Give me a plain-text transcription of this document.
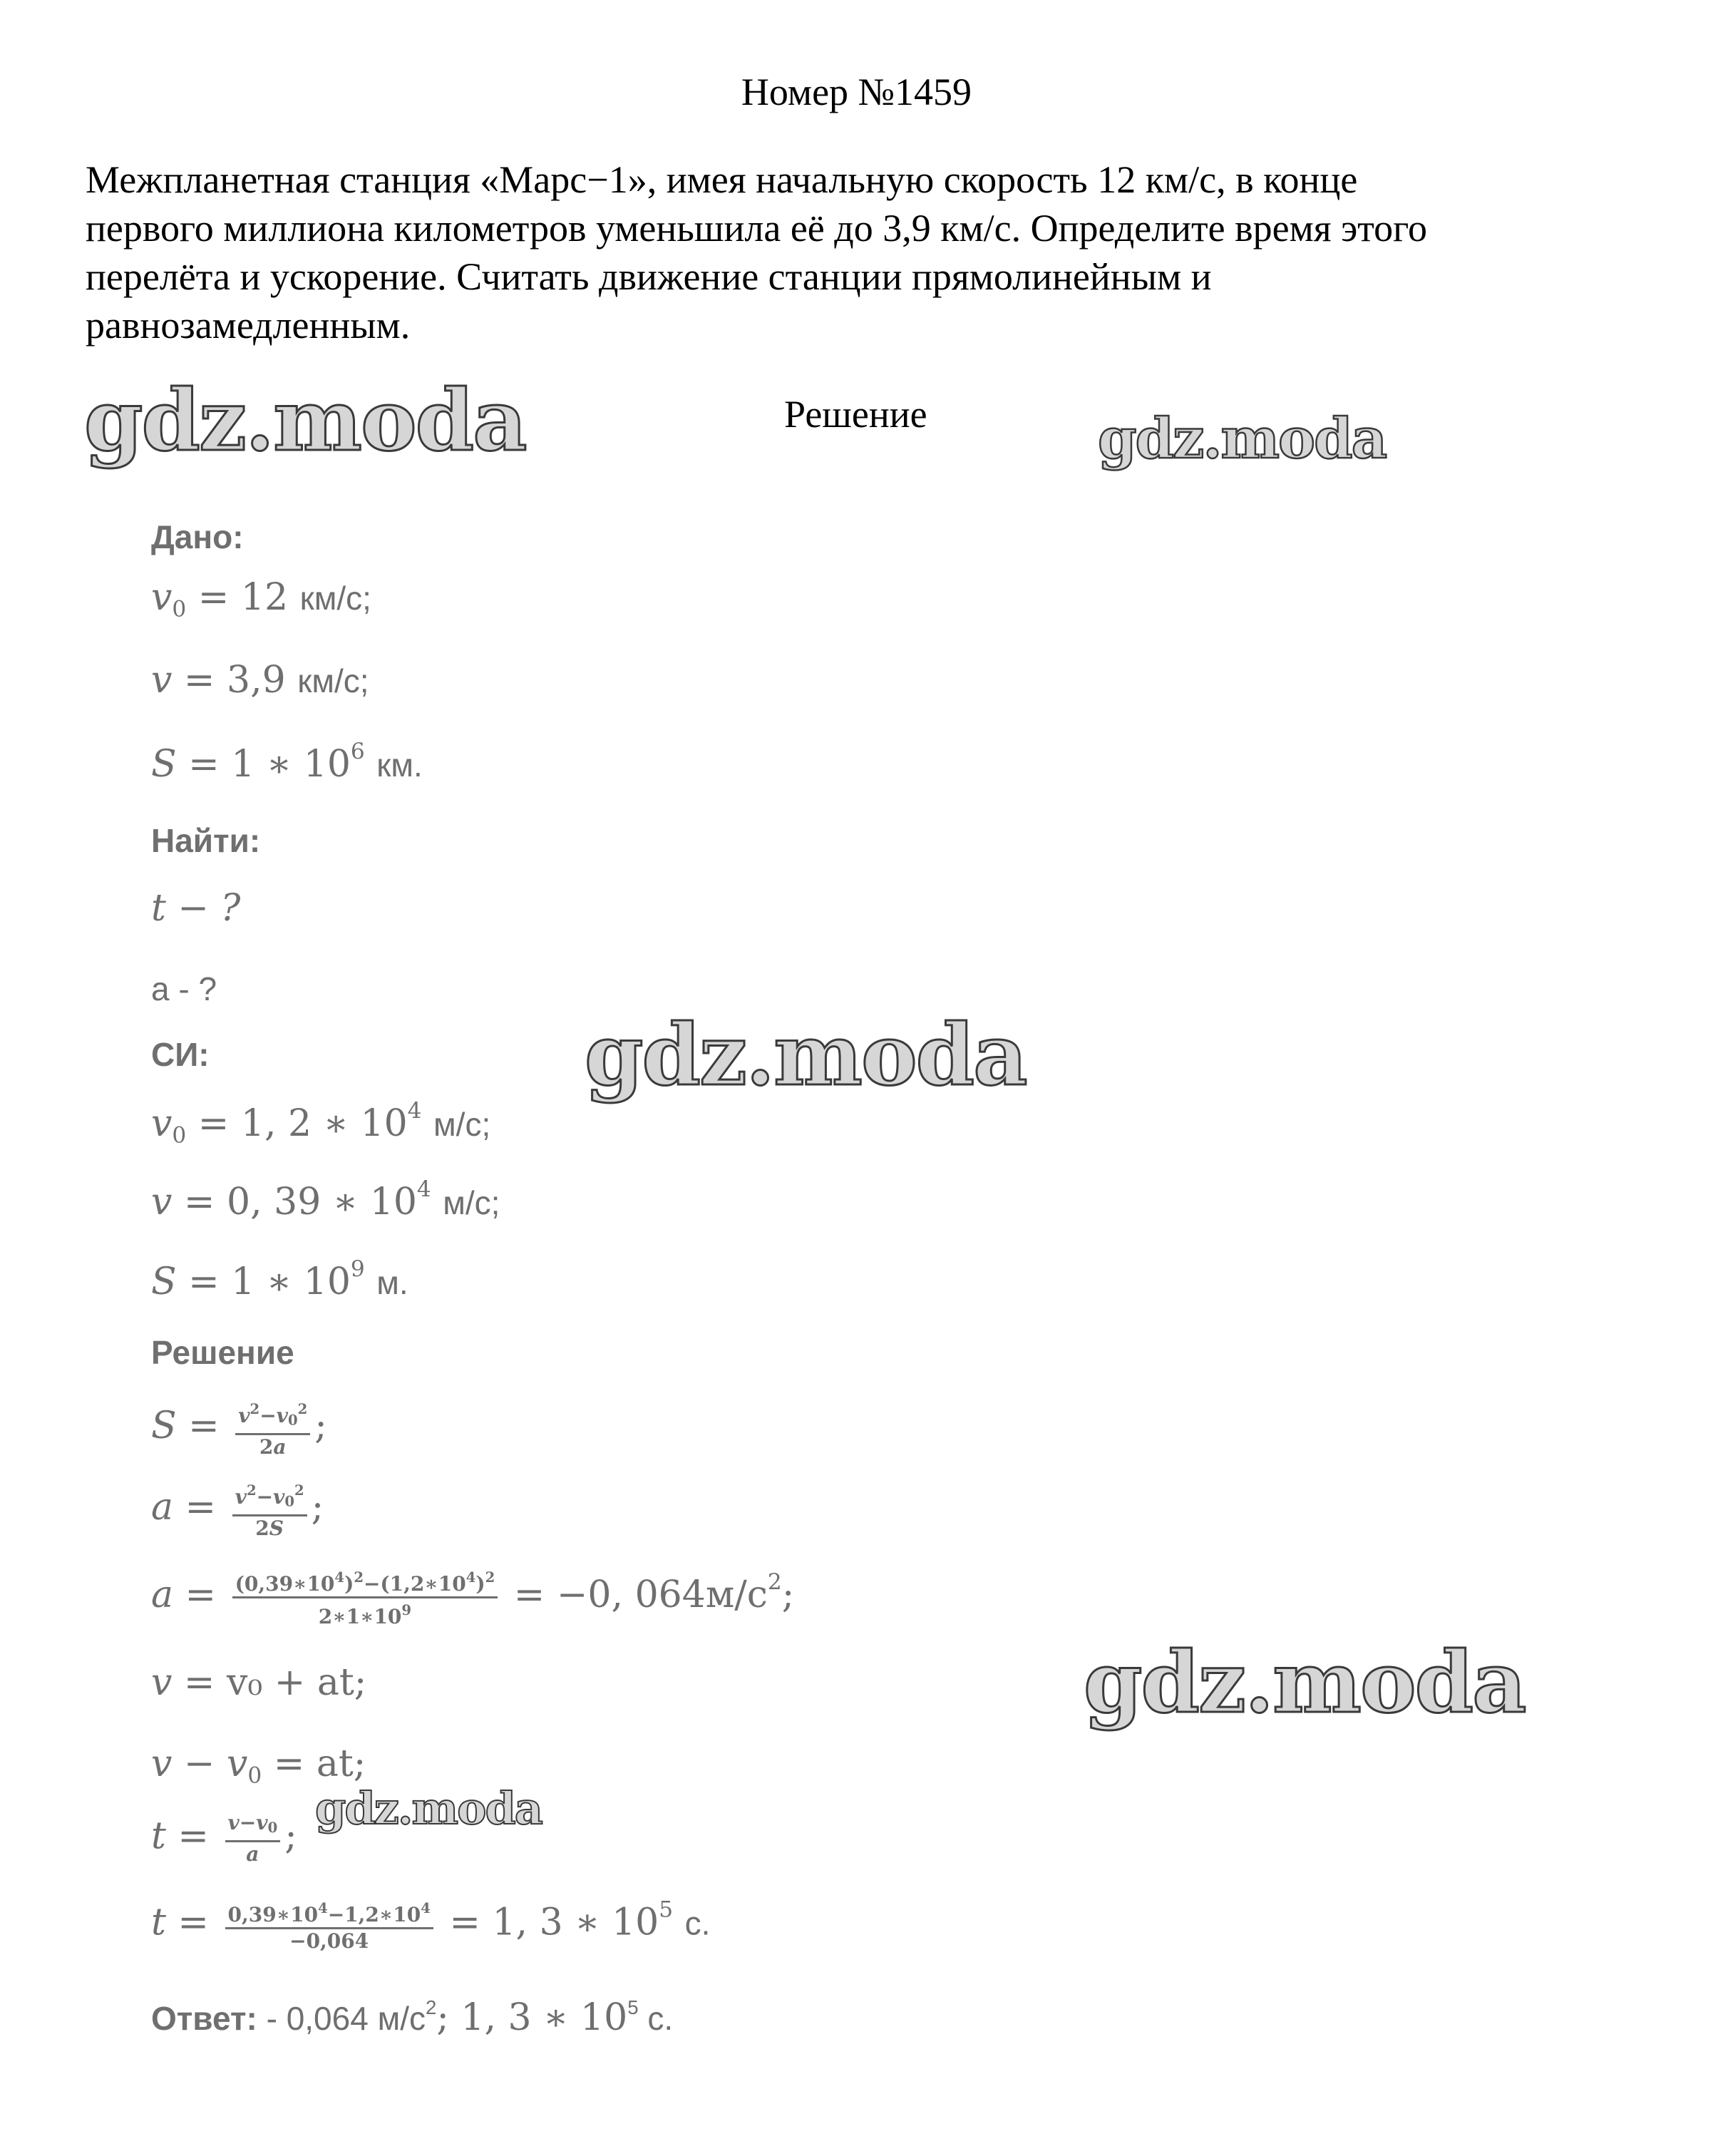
Номер №1459
Межпланетная станция «Марс−1», имея начальную скорость 12 км/с, в конце
первого миллиона километров уменьшила её до 3,9 км/с. Определите время этого
перелёта и ускорение. Считать движение станции прямолинейным и
равнозамедленным.
Решение
gdz.moda	gdz.moda
gdz.moda
gdz.moda
Дано:
$v_0 = 12$ км/с;
v = 3,9 км/с;
S = 1 ∗ $10^6$ км.
Найти:
t − ?
a - ?
СИ:
$v_0 = 1$, 2 ∗ $10^4$ м/с;
v = 0, 39 ∗ $10^4$ м/с;
S = 1 ∗ $10^9$ м.
Решение
$S = \frac{v^2-v_0^2}{2a}$ ;
$a = \frac{v^2-v_0^2}{2S}$ ;
$a = \frac{(0,39∗10^4)^2-(1,2∗10^4)^2}{2∗1∗10^9} = -0$, $064м/с^2$;
v = v₀ + at;
$v - v_0$ = at;
$t = \frac{v-v_0}{a}$ ;
$t = \frac{0,39∗10^4-1,2∗10^4}{-0,064} = 1$, 3 ∗ $10^5$ с.
gdz.moda
Ответ: - 0,064 $м/с^2$; 1, 3 ∗ $10^5$ с.
